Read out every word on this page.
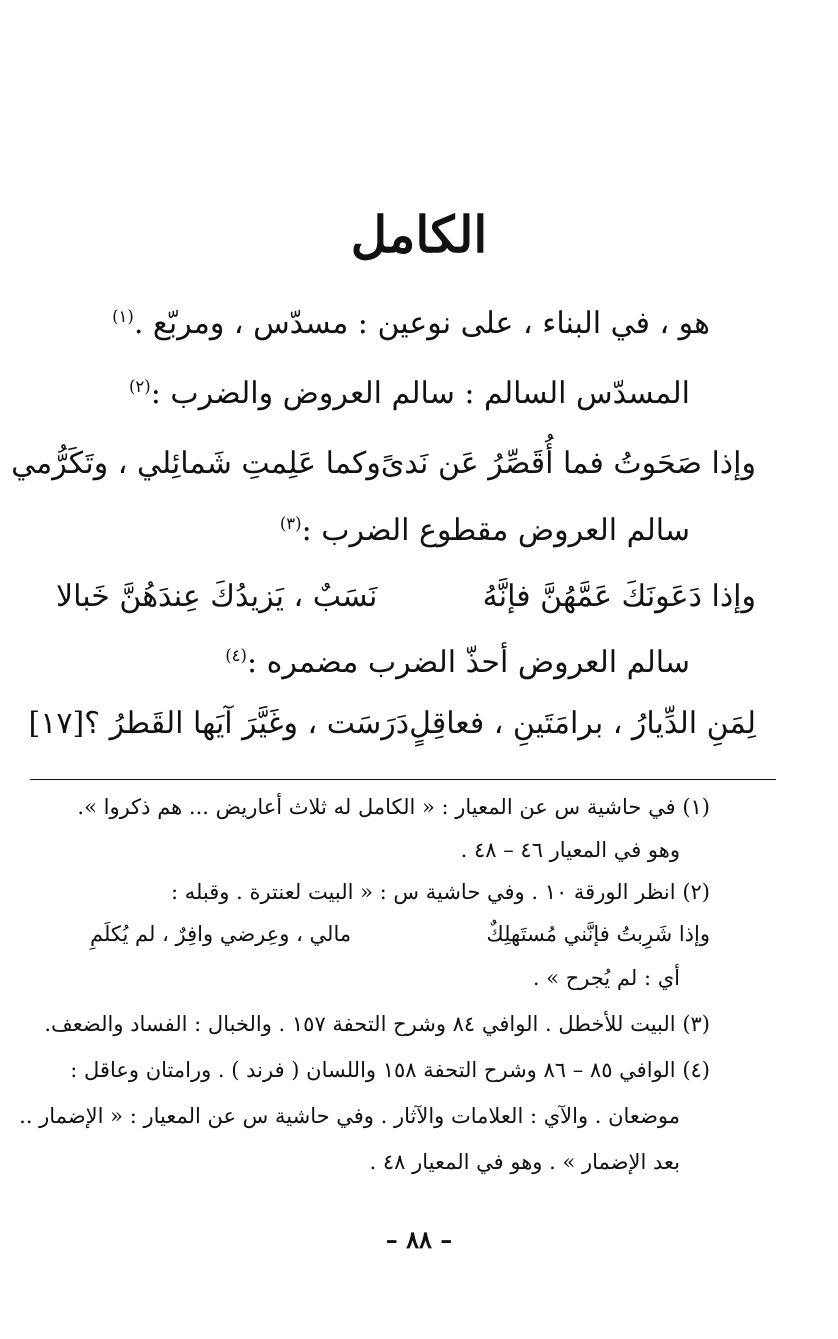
الكامل
هو ، في البناء ، على نوعين : مسدّس ، ومربّع .$^{(١)}$
المسدّس السالم : سالم العروض والضرب :$^{(٢)}$
وإذا صَحَوتُ فما أُقَصِّرُ عَن نَدىً
وكما عَلِمتِ شَمائِلي ، وتَكَرُّمي
سالم العروض مقطوع الضرب :$^{(٣)}$
وإذا دَعَونَكَ عَمَّهُنَّ فإنَّهُ
نَسَبٌ ، يَزيدُكَ عِندَهُنَّ خَبالا
سالم العروض أحذّ الضرب مضمره :$^{(٤)}$
لِمَنِ الدِّيارُ ، برامَتَينِ ، فعاقِلٍ
دَرَسَت ، وغَيَّرَ آيَها القَطرُ ؟[١٧]
(١) في حاشية س عن المعيار : « الكامل له ثلاث أعاريض ... هم ذكروا ».
وهو في المعيار ٤٦ – ٤٨ .
(٢) انظر الورقة ١٠ . وفي حاشية س : « البيت لعنترة . وقبله :
وإذا شَرِبتُ فإنَّني مُستَهلِكٌ
مالي ، وعِرضي وافِرٌ ، لم يُكلَمِ
أي : لم يُجرح » .
(٣) البيت للأخطل . الوافي ٨٤ وشرح التحفة ١٥٧ . والخبال : الفساد والضعف.
(٤) الوافي ٨٥ – ٨٦ وشرح التحفة ١٥٨ واللسان ( فرند ) . ورامتان وعاقل :
موضعان . والآي : العلامات والآثار . وفي حاشية س عن المعيار : « الإضمار ..
بعد الإضمار » . وهو في المعيار ٤٨ .
– ٨٨ –
